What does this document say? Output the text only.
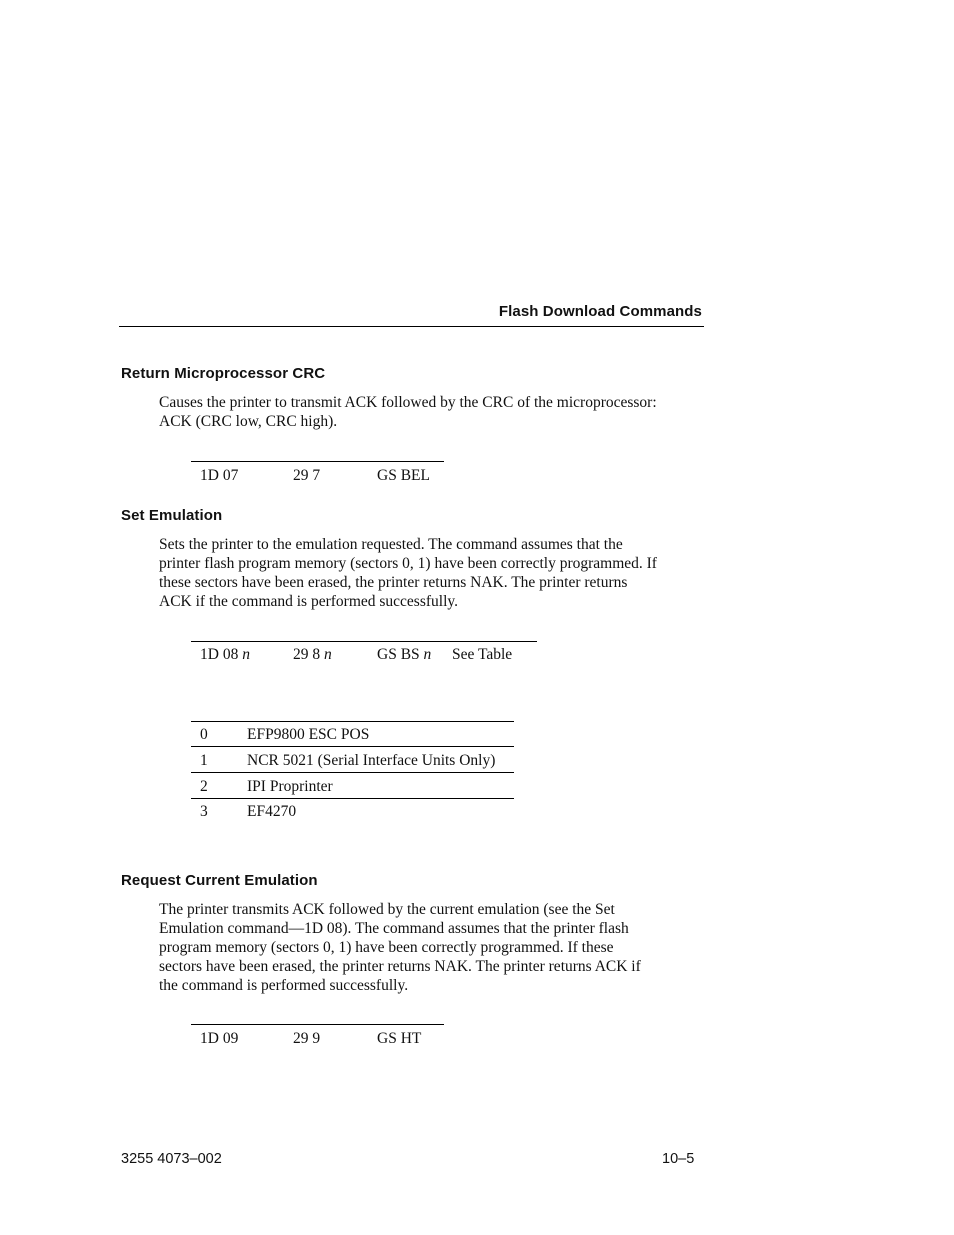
Flash Download Commands
Return Microprocessor CRC
Causes the printer to transmit ACK followed by the CRC of the microprocessor:
ACK (CRC low, CRC high).
1D 07	29 7	GS BEL
Set Emulation
Sets the printer to the emulation requested. The command assumes that the
printer flash program memory (sectors 0, 1) have been correctly programmed. If
these sectors have been erased, the printer returns NAK. The printer returns
ACK if the command is performed successfully.
1D 08 n	29 8 n	GS BS n See Table
0	EFP9800 ESC POS
1	NCR 5021 (Serial Interface Units Only)
2	IPI Proprinter
3	EF4270
Request Current Emulation
The printer transmits ACK followed by the current emulation (see the Set
Emulation command—1D 08). The command assumes that the printer flash
program memory (sectors 0, 1) have been correctly programmed. If these
sectors have been erased, the printer returns NAK. The printer returns ACK if
the command is performed successfully.
1D 09	29 9	GS HT
3255 4073–002	10–5
